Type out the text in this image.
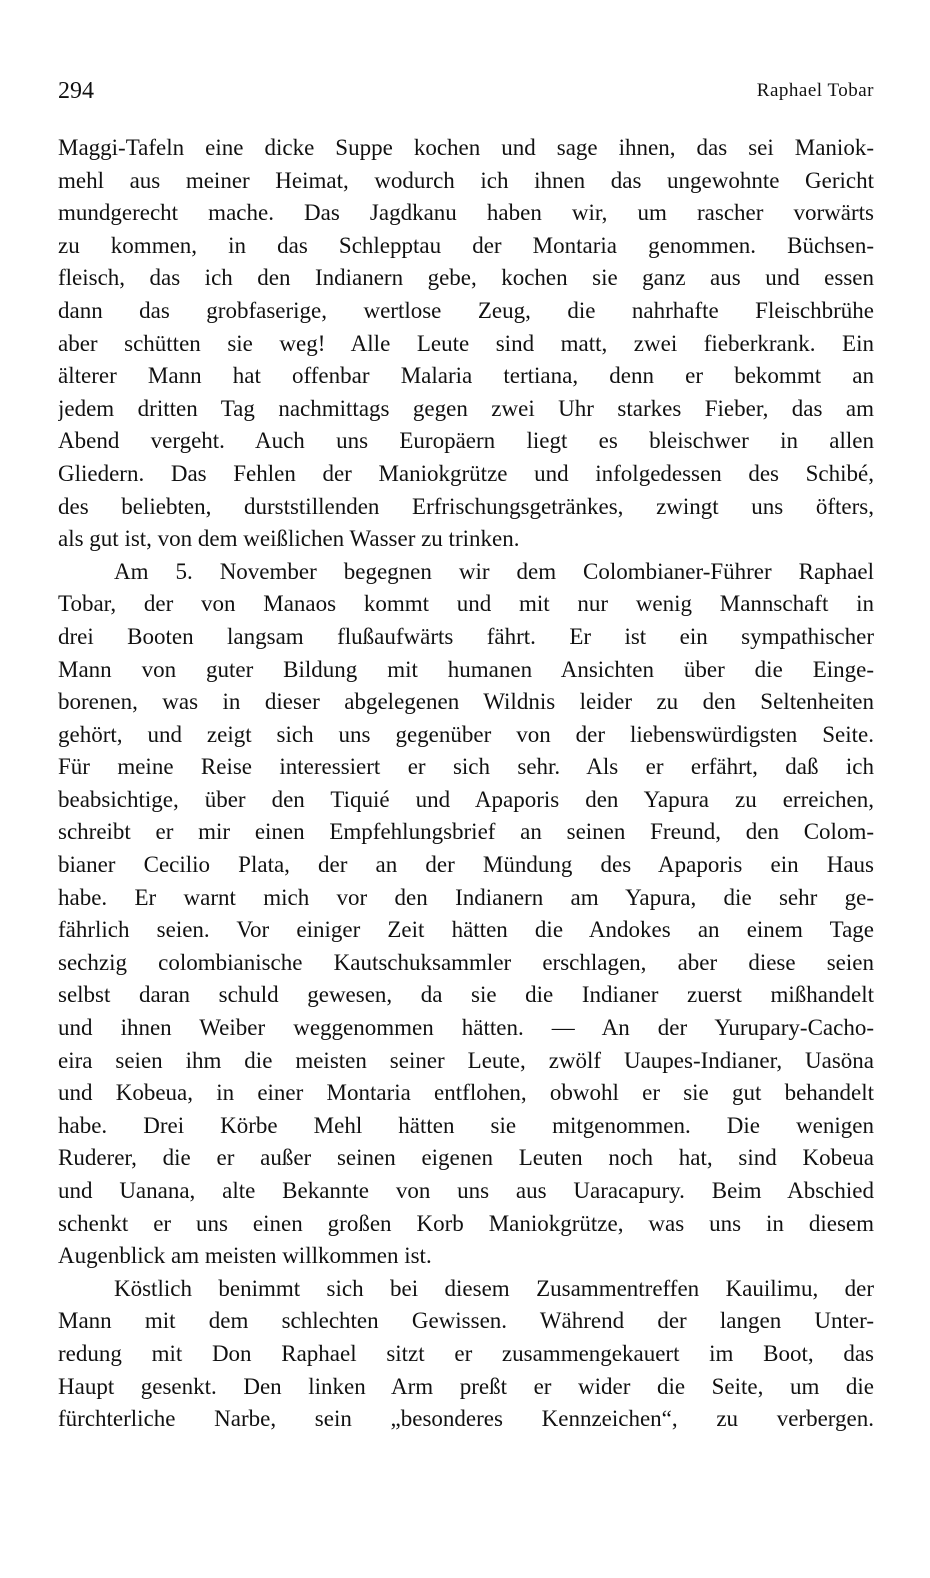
294	Raphael Tobar
Maggi-Tafeln eine dicke Suppe kochen und sage ihnen, das sei Maniok-
mehl aus meiner Heimat, wodurch ich ihnen das ungewohnte Gericht
mundgerecht mache. Das Jagdkanu haben wir, um rascher vorwärts
zu kommen, in das Schlepptau der Montaria genommen. Büchsen-
fleisch, das ich den Indianern gebe, kochen sie ganz aus und essen
dann das grobfaserige, wertlose Zeug, die nahrhafte Fleischbrühe
aber schütten sie weg! Alle Leute sind matt, zwei fieberkrank. Ein
älterer Mann hat offenbar Malaria tertiana, denn er bekommt an
jedem dritten Tag nachmittags gegen zwei Uhr starkes Fieber, das am
Abend vergeht. Auch uns Europäern liegt es bleischwer in allen
Gliedern. Das Fehlen der Maniokgrütze und infolgedessen des Schibé,
des beliebten, durststillenden Erfrischungsgetränkes, zwingt uns öfters,
als gut ist, von dem weißlichen Wasser zu trinken.
Am 5. November begegnen wir dem Colombianer-Führer Raphael
Tobar, der von Manaos kommt und mit nur wenig Mannschaft in
drei Booten langsam flußaufwärts fährt. Er ist ein sympathischer
Mann von guter Bildung mit humanen Ansichten über die Einge-
borenen, was in dieser abgelegenen Wildnis leider zu den Seltenheiten
gehört, und zeigt sich uns gegenüber von der liebenswürdigsten Seite.
Für meine Reise interessiert er sich sehr. Als er erfährt, daß ich
beabsichtige, über den Tiquié und Apaporis den Yapura zu erreichen,
schreibt er mir einen Empfehlungsbrief an seinen Freund, den Colom-
bianer Cecilio Plata, der an der Mündung des Apaporis ein Haus
habe. Er warnt mich vor den Indianern am Yapura, die sehr ge-
fährlich seien. Vor einiger Zeit hätten die Andokes an einem Tage
sechzig colombianische Kautschuksammler erschlagen, aber diese seien
selbst daran schuld gewesen, da sie die Indianer zuerst mißhandelt
und ihnen Weiber weggenommen hätten. — An der Yurupary-Cacho-
eira seien ihm die meisten seiner Leute, zwölf Uaupes-Indianer, Uasöna
und Kobeua, in einer Montaria entflohen, obwohl er sie gut behandelt
habe. Drei Körbe Mehl hätten sie mitgenommen. Die wenigen
Ruderer, die er außer seinen eigenen Leuten noch hat, sind Kobeua
und Uanana, alte Bekannte von uns aus Uaracapury. Beim Abschied
schenkt er uns einen großen Korb Maniokgrütze, was uns in diesem
Augenblick am meisten willkommen ist.
Köstlich benimmt sich bei diesem Zusammentreffen Kauilimu, der
Mann mit dem schlechten Gewissen. Während der langen Unter-
redung mit Don Raphael sitzt er zusammengekauert im Boot, das
Haupt gesenkt. Den linken Arm preßt er wider die Seite, um die
fürchterliche Narbe, sein „besonderes Kennzeichen“, zu verbergen.
